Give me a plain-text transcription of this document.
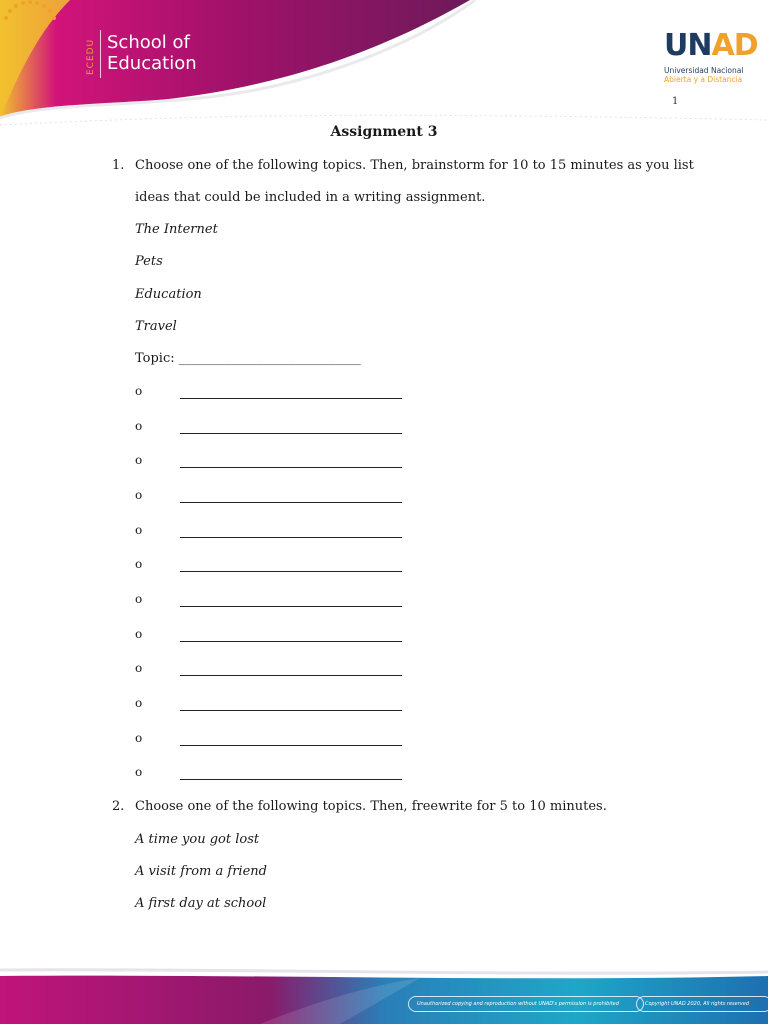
ECEDU School of
Education
UNAD
Universidad Nacional
Abierta y a Distancia
1
Assignment 3
1. Choose one of the following topics. Then, brainstorm for 10 to 15 minutes as you list
ideas that could be included in a writing assignment.
The Internet
Pets
Education
Travel
Topic: ____________________________
o
o
o
o
o
o
o
o
o
o
o
o
2. Choose one of the following topics. Then, freewrite for 5 to 10 minutes.
A time you got lost
A visit from a friend
A first day at school
Unauthorized copying and reproduction without UNAD's permission is prohibited	Copyright UNAD 2020, All rights reserved
